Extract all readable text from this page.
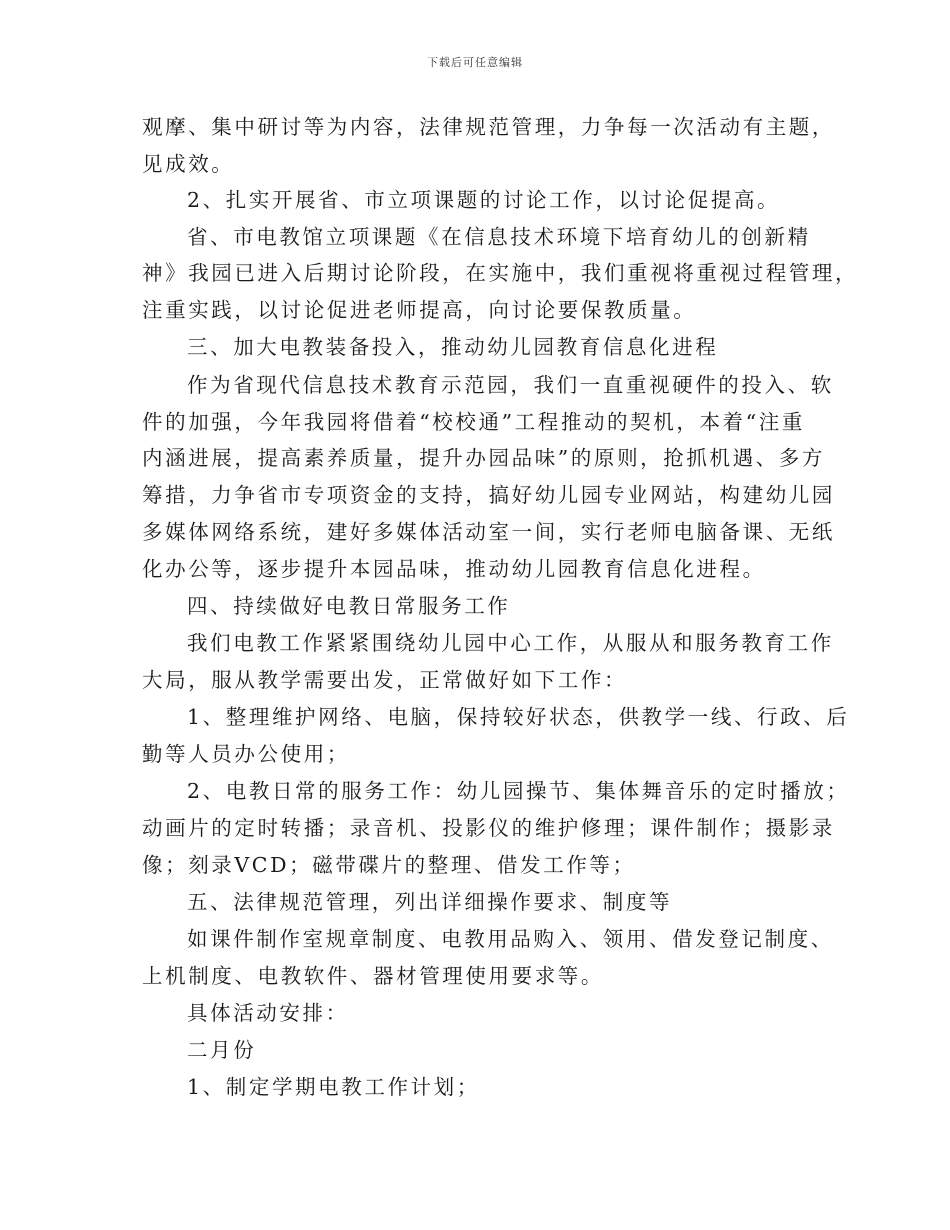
下载后可任意编辑
观摩、集中研讨等为内容，法律规范管理，力争每一次活动有主题，
见成效。
2、扎实开展省、市立项课题的讨论工作，以讨论促提高。
省、市电教馆立项课题《在信息技术环境下培育幼儿的创新精
神》我园已进入后期讨论阶段，在实施中，我们重视将重视过程管理，
注重实践，以讨论促进老师提高，向讨论要保教质量。
三、加大电教装备投入，推动幼儿园教育信息化进程
作为省现代信息技术教育示范园，我们一直重视硬件的投入、软
件的加强，今年我园将借着“校校通”工程推动的契机，本着“注重
内涵进展，提高素养质量，提升办园品味”的原则，抢抓机遇、多方
筹措，力争省市专项资金的支持，搞好幼儿园专业网站，构建幼儿园
多媒体网络系统，建好多媒体活动室一间，实行老师电脑备课、无纸
化办公等，逐步提升本园品味，推动幼儿园教育信息化进程。
四、持续做好电教日常服务工作
我们电教工作紧紧围绕幼儿园中心工作，从服从和服务教育工作
大局，服从教学需要出发，正常做好如下工作：
1、整理维护网络、电脑，保持较好状态，供教学一线、行政、后
勤等人员办公使用；
2、电教日常的服务工作：幼儿园操节、集体舞音乐的定时播放；
动画片的定时转播；录音机、投影仪的维护修理；课件制作；摄影录
像；刻录VCD；磁带碟片的整理、借发工作等；
五、法律规范管理，列出详细操作要求、制度等
如课件制作室规章制度、电教用品购入、领用、借发登记制度、
上机制度、电教软件、器材管理使用要求等。
具体活动安排：
二月份
1、制定学期电教工作计划；
